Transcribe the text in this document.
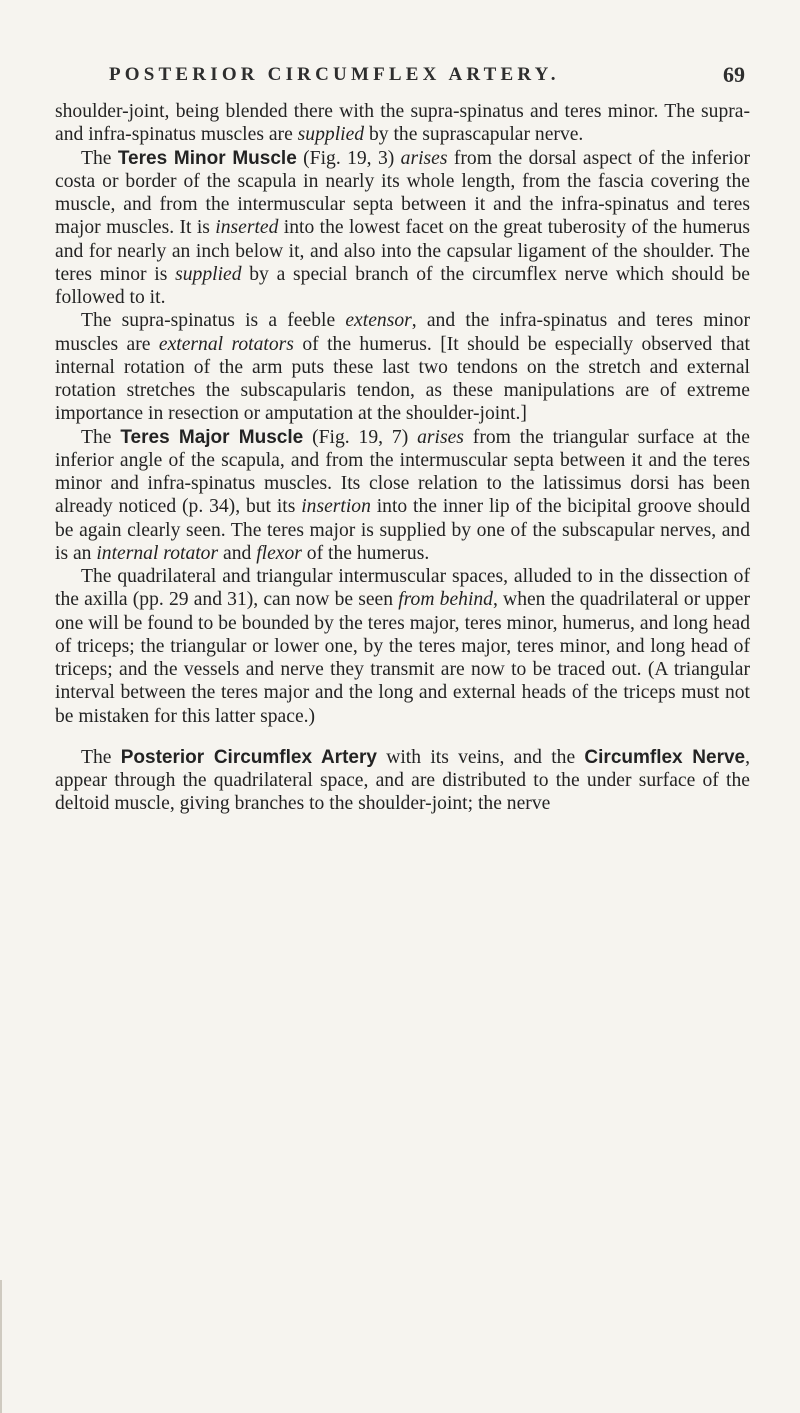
POSTERIOR CIRCUMFLEX ARTERY.	69

shoulder-joint, being blended there with the supra-spinatus and teres minor. The supra- and infra-spinatus muscles are supplied by the suprascapular nerve.

The Teres Minor Muscle (Fig. 19, 3) arises from the dorsal aspect of the inferior costa or border of the scapula in nearly its whole length, from the fascia covering the muscle, and from the intermuscular septa between it and the infra-spinatus and teres major muscles. It is inserted into the lowest facet on the great tuberosity of the humerus and for nearly an inch below it, and also into the capsular ligament of the shoulder. The teres minor is supplied by a special branch of the circumflex nerve which should be followed to it.

The supra-spinatus is a feeble extensor, and the infra-spinatus and teres minor muscles are external rotators of the humerus. [It should be especially observed that internal rotation of the arm puts these last two tendons on the stretch and external rotation stretches the subscapularis tendon, as these manipulations are of extreme importance in resection or amputation at the shoulder-joint.]

The Teres Major Muscle (Fig. 19, 7) arises from the triangular surface at the inferior angle of the scapula, and from the intermuscular septa between it and the teres minor and infra-spinatus muscles. Its close relation to the latissimus dorsi has been already noticed (p. 34), but its insertion into the inner lip of the bicipital groove should be again clearly seen. The teres major is supplied by one of the subscapular nerves, and is an internal rotator and flexor of the humerus.

The quadrilateral and triangular intermuscular spaces, alluded to in the dissection of the axilla (pp. 29 and 31), can now be seen from behind, when the quadrilateral or upper one will be found to be bounded by the teres major, teres minor, humerus, and long head of triceps; the triangular or lower one, by the teres major, teres minor, and long head of triceps; and the vessels and nerve they transmit are now to be traced out. (A triangular interval between the teres major and the long and external heads of the triceps must not be mistaken for this latter space.)

The Posterior Circumflex Artery with its veins, and the Circumflex Nerve, appear through the quadrilateral space, and are distributed to the under surface of the deltoid muscle, giving branches to the shoulder-joint; the nerve
